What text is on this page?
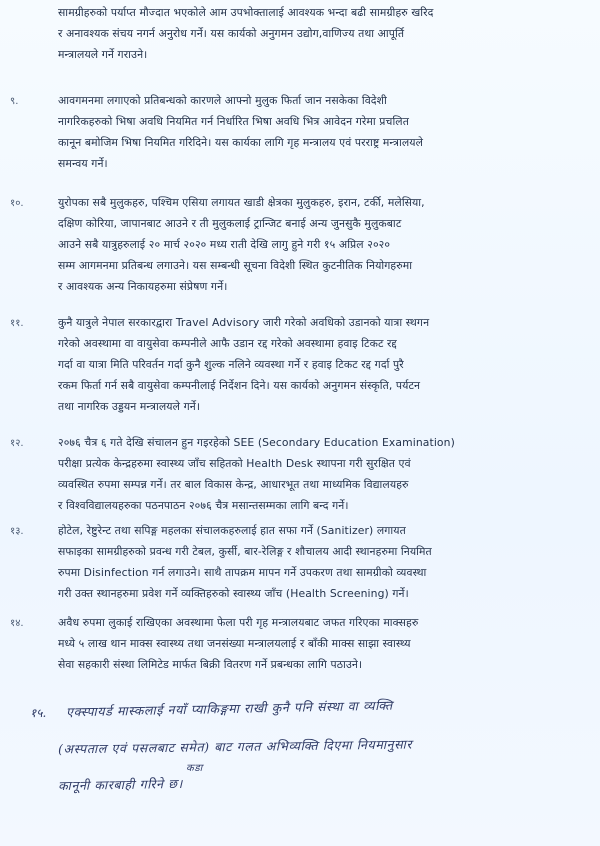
सामग्रीहरुको पर्याप्त मौज्दात भएकोले आम उपभोक्तालाई आवश्यक भन्दा बढी सामग्रीहरु खरिद
र अनावश्यक संचय नगर्न अनुरोध गर्ने। यस कार्यको अनुगमन उद्योग,वाणिज्य तथा आपूर्ति
मन्त्रालयले गर्ने गराउने।
९.	आवगमनमा लगाएको प्रतिबन्धको कारणले आफ्नो मुलुक फिर्ता जान नसकेका विदेशी
नागरिकहरुको भिषा अवधि नियमित गर्न निर्धारित भिषा अवधि भित्र आवेदन गरेमा प्रचलित
कानून बमोजिम भिषा नियमित गरिदिने। यस कार्यका लागि गृह मन्त्रालय एवं परराष्ट्र मन्त्रालयले
समन्वय गर्ने।
१०.	युरोपका सबै मुलुकहरु, पश्चिम एसिया लगायत खाडी क्षेत्रका मुलुकहरु, इरान, टर्की, मलेसिया,
दक्षिण कोरिया, जापानबाट आउने र ती मुलुकलाई ट्रान्जिट बनाई अन्य जुनसुकै मुलुकबाट
आउने सबै यात्रुहरुलाई २० मार्च २०२० मध्य राती देखि लागु हुने गरी १५ अप्रिल २०२०
सम्म आगमनमा प्रतिबन्ध लगाउने। यस सम्बन्धी सूचना विदेशी स्थित कुटनीतिक नियोगहरुमा
र आवश्यक अन्य निकायहरुमा संप्रेषण गर्ने।
११.	कुनै यात्रुले नेपाल सरकारद्वारा Travel Advisory जारी गरेको अवधिको उडानको यात्रा स्थगन
गरेको अवस्थामा वा वायुसेवा कम्पनीले आफै उडान रद्द गरेको अवस्थामा हवाइ टिकट रद्द
गर्दा वा यात्रा मिति परिवर्तन गर्दा कुनै शुल्क नलिने व्यवस्था गर्ने र हवाइ टिकट रद्द गर्दा पुरै
रकम फिर्ता गर्न सबै वायुसेवा कम्पनीलाई निर्देशन दिने। यस कार्यको अनुगमन संस्कृति, पर्यटन
तथा नागरिक उड्डयन मन्त्रालयले गर्ने।
१२.	२०७६ चैत्र ६ गते देखि संचालन हुन गइरहेको SEE (Secondary Education Examination)
परीक्षा प्रत्येक केन्द्रहरुमा स्वास्थ्य जाँच सहितको Health Desk स्थापना गरी सुरक्षित एवं
व्यवस्थित रुपमा सम्पन्न गर्ने। तर बाल विकास केन्द्र, आधारभूत तथा माध्यमिक विद्यालयहरु
र विश्वविद्यालयहरुका पठनपाठन २०७६ चैत्र मसान्तसम्मका लागि बन्द गर्ने।
१३.	होटेल, रेष्टुरेन्ट तथा सपिङ्ग महलका संचालकहरुलाई हात सफा गर्ने (Sanitizer) लगायत
सफाइका सामग्रीहरुको प्रवन्ध गरी टेबल, कुर्सी, बार-रेलिङ्ग र शौचालय आदी स्थानहरुमा नियमित
रुपमा Disinfection गर्न लगाउने। साथै तापक्रम मापन गर्ने उपकरण तथा सामग्रीको व्यवस्था
गरी उक्त स्थानहरुमा प्रवेश गर्ने व्यक्तिहरुको स्वास्थ्य जाँच (Health Screening) गर्ने।
१४.	अवैध रुपमा लुकाई राखिएका अवस्थामा फेला परी गृह मन्त्रालयबाट जफत गरिएका माक्सहरु
मध्ये ५ लाख थान माक्स स्वास्थ्य तथा जनसंख्या मन्त्रालयलाई र बाँकी माक्स साझा स्वास्थ्य
सेवा सहकारी संस्था लिमिटेड मार्फत बिक्री वितरण गर्ने प्रबन्धका लागि पठाउने।
१५. एक्स्पायर्ड मास्कलाई नयाँ प्याकिङ्गमा राखी कुनै पनि संस्था वा व्यक्ति
(अस्पताल एवं पसलबाट समेत) बाट गलत अभिव्यक्ति दिएमा नियमानुसार
कडा
कानूनी कारबाही गरिने छ।
